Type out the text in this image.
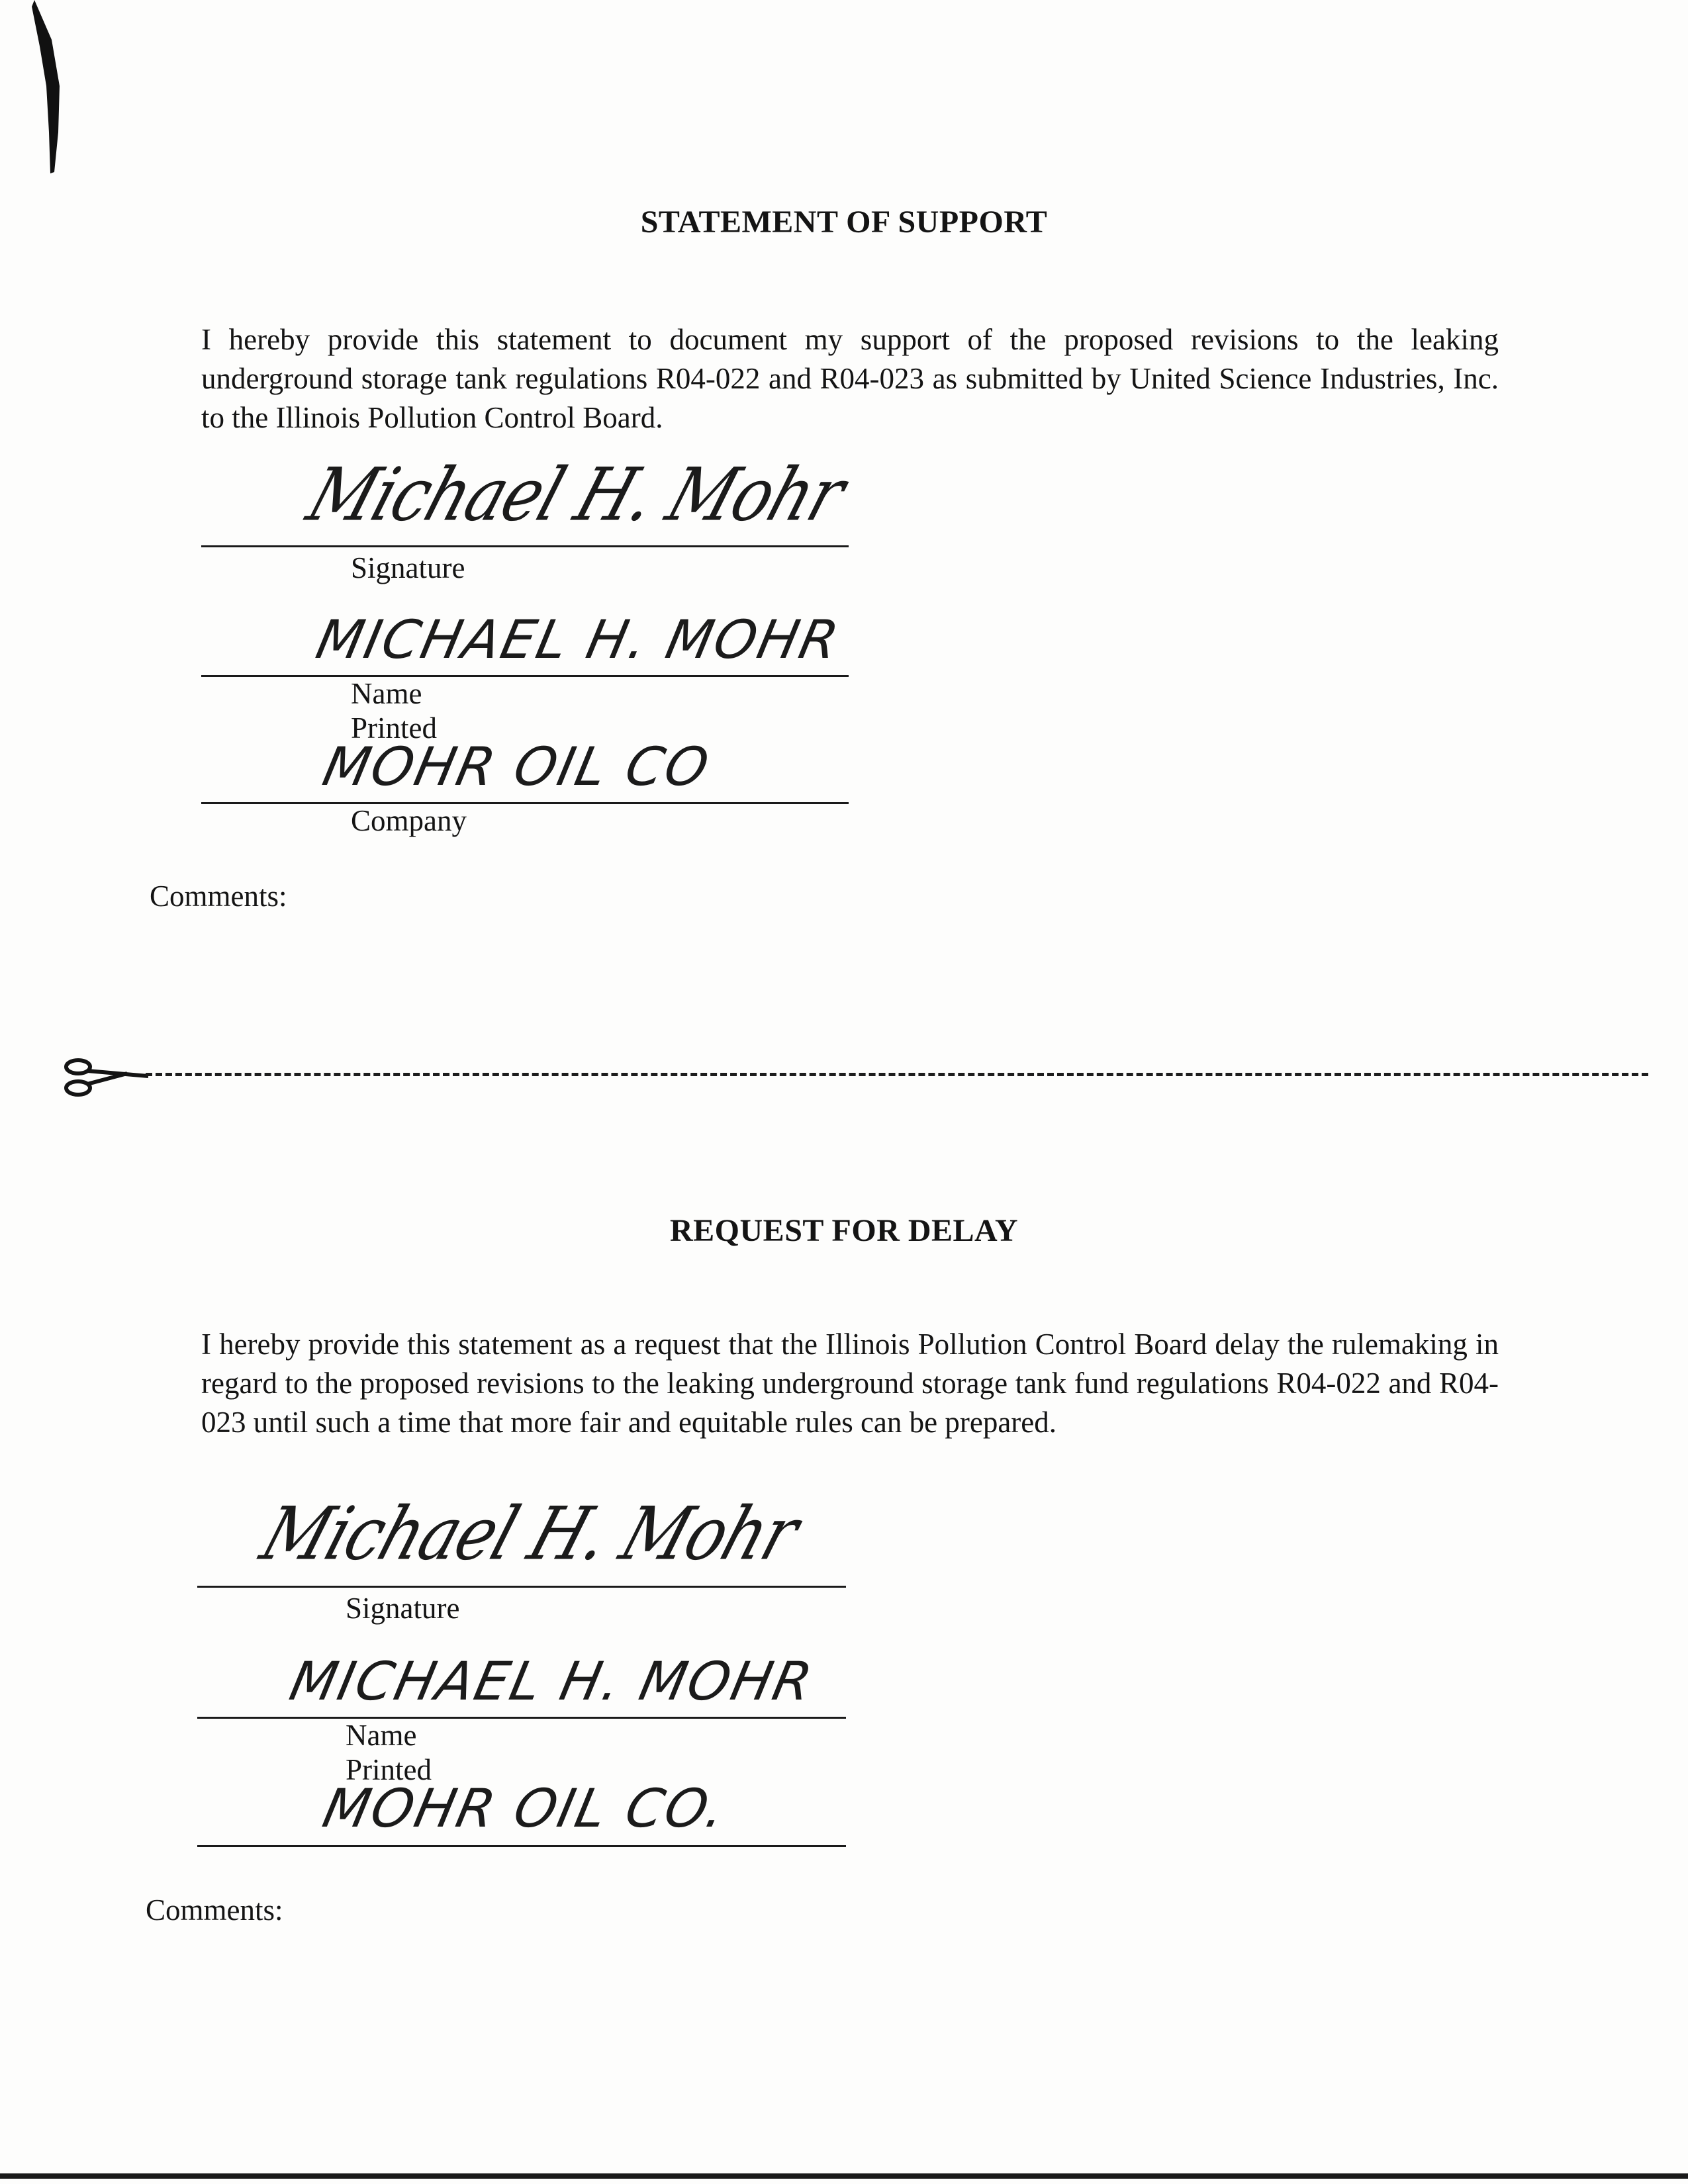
STATEMENT OF SUPPORT
I hereby provide this statement to document my support of the proposed revisions to the leaking underground storage tank regulations R04-022 and R04-023 as submitted by United Science Industries, Inc. to the Illinois Pollution Control Board.
Michael H. Mohr
Signature
MICHAEL H. MOHR
Name Printed
MOHR OIL CO
Company
Comments:
REQUEST FOR DELAY
I hereby provide this statement as a request that the Illinois Pollution Control Board delay the rulemaking in regard to the proposed revisions to the leaking underground storage tank fund regulations R04-022 and R04-023 until such a time that more fair and equitable rules can be prepared.
Michael H. Mohr
Signature
MICHAEL H. MOHR
Name Printed
MOHR OIL CO.
Comments:
